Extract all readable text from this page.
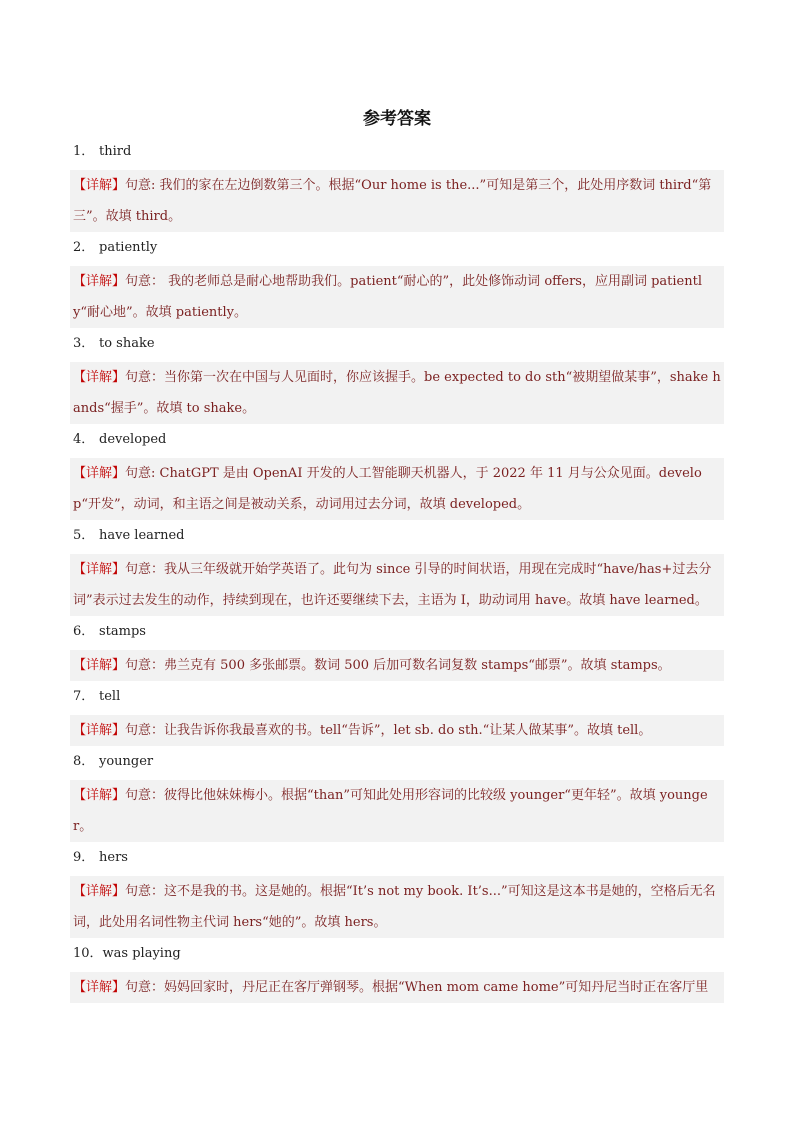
参考答案
1． third
【详解】句意: 我们的家在左边倒数第三个。根据“Our home is the...”可知是第三个，此处用序数词 third“第三”。故填 third。
2． patiently
【详解】句意： 我的老师总是耐心地帮助我们。patient“耐心的”，此处修饰动词 offers，应用副词 patiently“耐心地”。故填 patiently。
3． to shake
【详解】句意：当你第一次在中国与人见面时，你应该握手。be expected to do sth“被期望做某事”，shake hands“握手”。故填 to shake。
4． developed
【详解】句意: ChatGPT 是由 OpenAI 开发的人工智能聊天机器人，于 2022 年 11 月与公众见面。develop“开发”，动词，和主语之间是被动关系，动词用过去分词，故填 developed。
5． have learned
【详解】句意：我从三年级就开始学英语了。此句为 since 引导的时间状语，用现在完成时“have/has+过去分词”表示过去发生的动作，持续到现在，也许还要继续下去，主语为 I，助动词用 have。故填 have learned。
6． stamps
【详解】句意：弗兰克有 500 多张邮票。数词 500 后加可数名词复数 stamps“邮票”。故填 stamps。
7． tell
【详解】句意：让我告诉你我最喜欢的书。tell“告诉”，let sb. do sth.“让某人做某事”。故填 tell。
8． younger
【详解】句意：彼得比他妹妹梅小。根据“than”可知此处用形容词的比较级 younger“更年轻”。故填 younger。
9． hers
【详解】句意：这不是我的书。这是她的。根据“It’s not my book. It’s...”可知这是这本书是她的，空格后无名词，此处用名词性物主代词 hers“她的”。故填 hers。
10．was playing
【详解】句意：妈妈回家时，丹尼正在客厅弹钢琴。根据“When mom came home”可知丹尼当时正在客厅里
